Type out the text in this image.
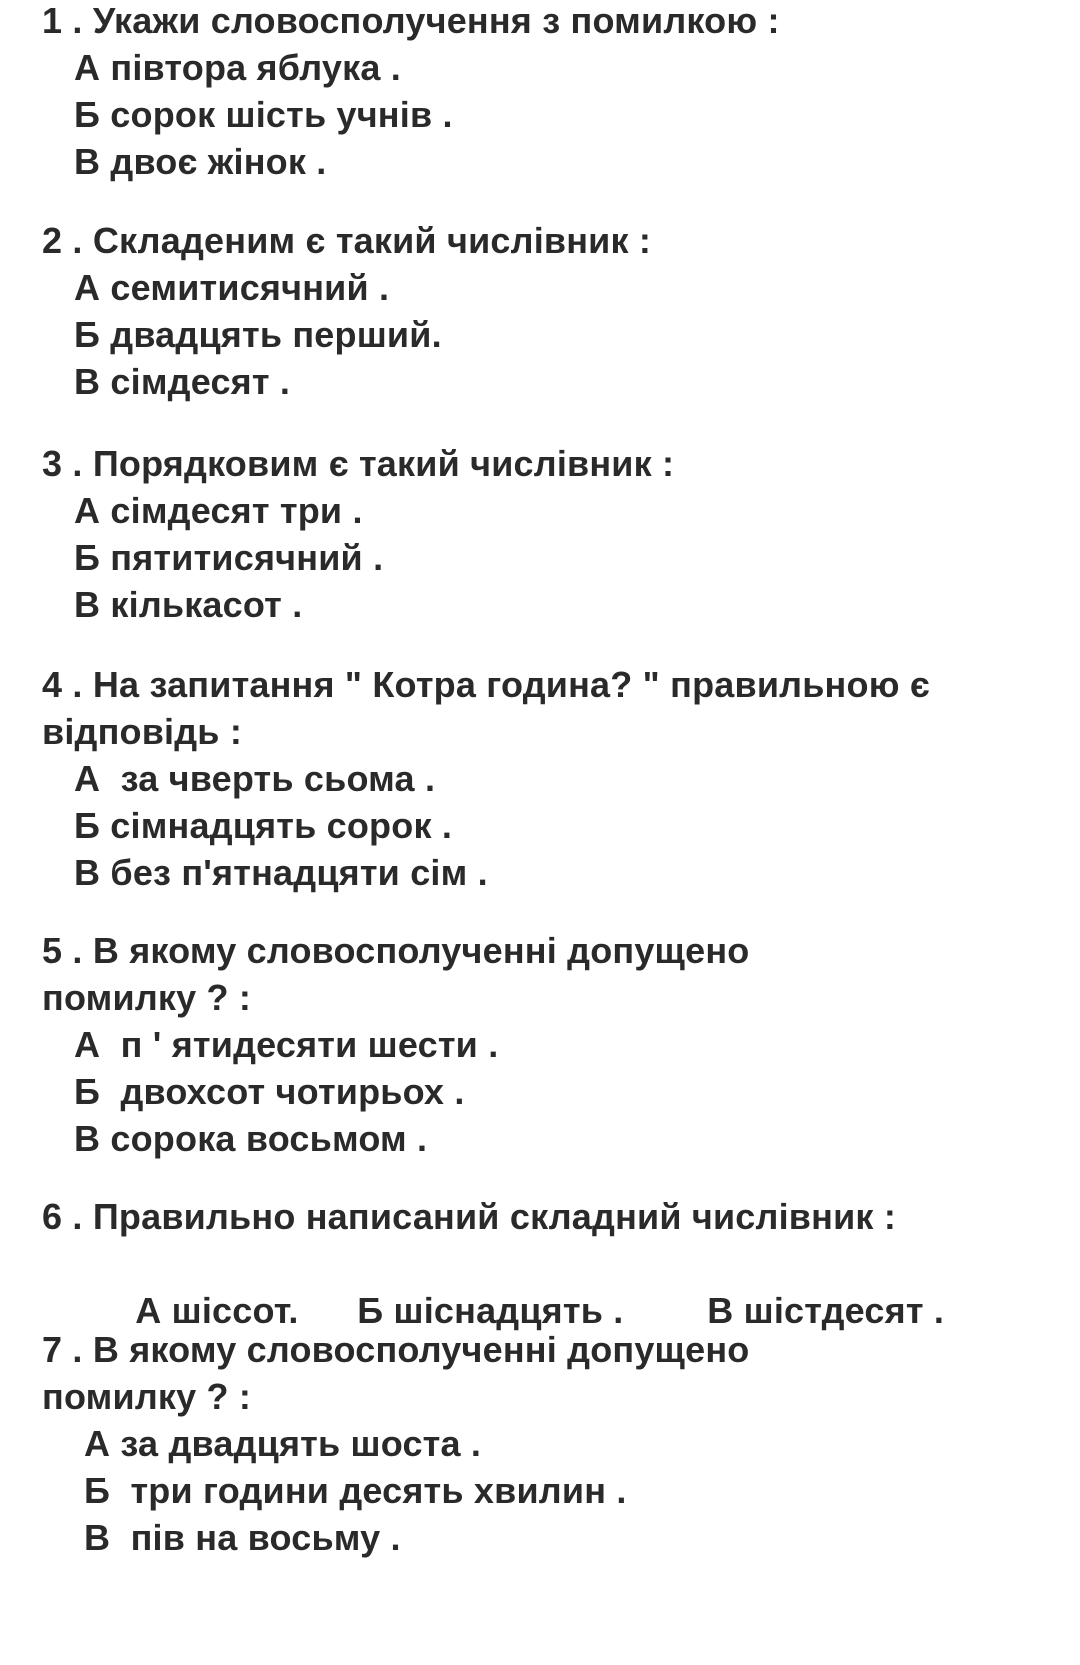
1 . Укажи словосполучення з помилкою :
А півтора яблука .
Б сорок шість учнів .
В двоє жінок .
2 . Складеним є такий числівник :
А семитисячний .
Б двадцять перший.
В сімдесят .
3 . Порядковим є такий числівник :
А сімдесят три .
Б пятитисячний .
В кількасот .
4 . На запитання " Котра година? " правильною є
відповідь :
А  за чверть сьома .
Б сімнадцять сорок .
В без п'ятнадцяти сім .
5 . В якому словосполученні допущено
помилку ? :
А  п ' ятидесяти шести .
Б  двохсот чотирьох .
В сорока восьмом .
6 . Правильно написаний складний числівник :

А шіссот. Б шіснадцять . В шістдесят .

7 . В якому словосполученні допущено
помилку ? :
А за двадцять шоста .
Б  три години десять хвилин .
В  пів на восьму .
